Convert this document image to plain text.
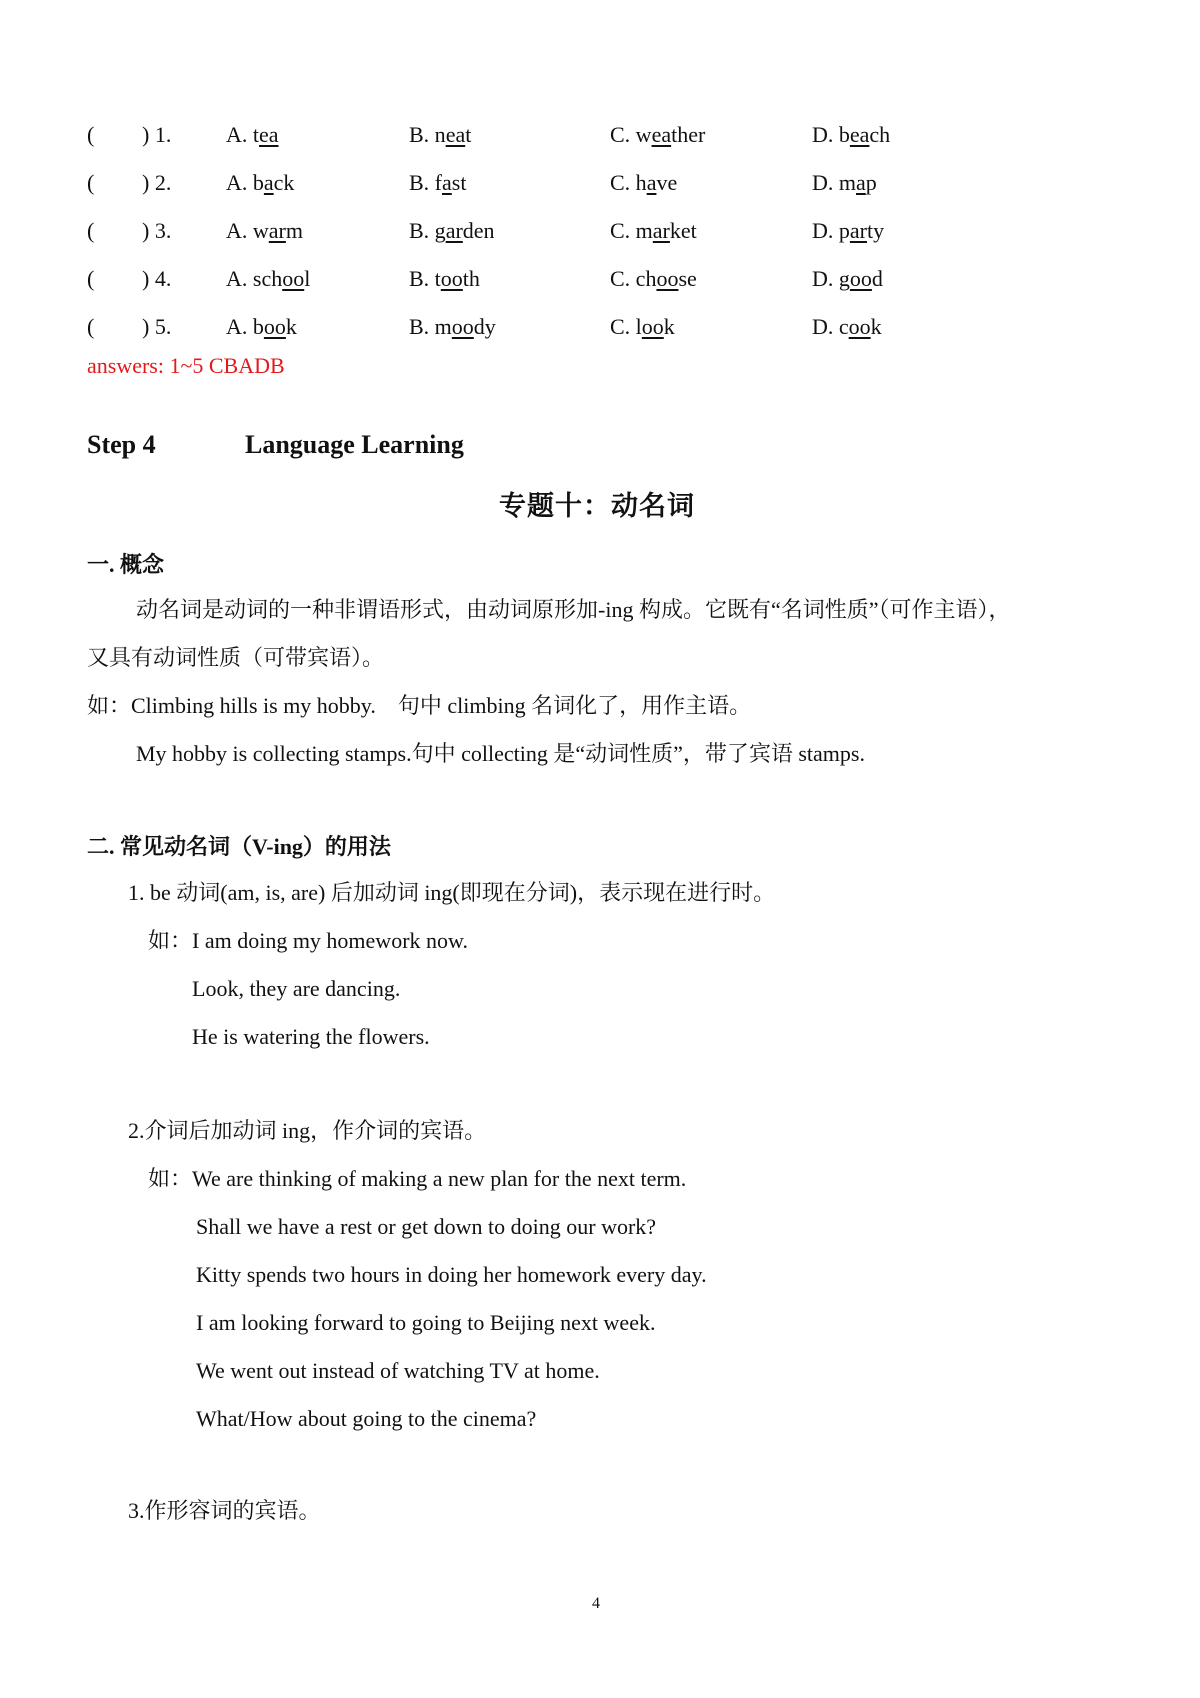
( ) 1. A. tea	B. neat	C. weather	D. beach
( ) 2. A. back	B. fast	C. have	D. map
( ) 3. A. warm	B. garden	C. market	D. party
( ) 4. A. school	B. tooth	C. choose	D. good
( ) 5. A. book	B. moody	C. look	D. cook
answers: 1~5 CBADB
Step 4	Language Learning
专题十：动名词
一. 概念
动名词是动词的一种非谓语形式，由动词原形加-ing 构成。它既有“名词性质”（可作主语），
又具有动词性质（可带宾语）。
如：Climbing hills is my hobby.　句中 climbing 名词化了，用作主语。
My hobby is collecting stamps.句中 collecting 是“动词性质”，带了宾语 stamps.
二. 常见动名词（V-ing）的用法
1. be 动词(am, is, are) 后加动词 ing(即现在分词)，表示现在进行时。
如：I am doing my homework now.
Look, they are dancing.
He is watering the flowers.
2.介词后加动词 ing，作介词的宾语。
如：We are thinking of making a new plan for the next term.
Shall we have a rest or get down to doing our work?
Kitty spends two hours in doing her homework every day.
I am looking forward to going to Beijing next week.
We went out instead of watching TV at home.
What/How about going to the cinema?
3.作形容词的宾语。
4
